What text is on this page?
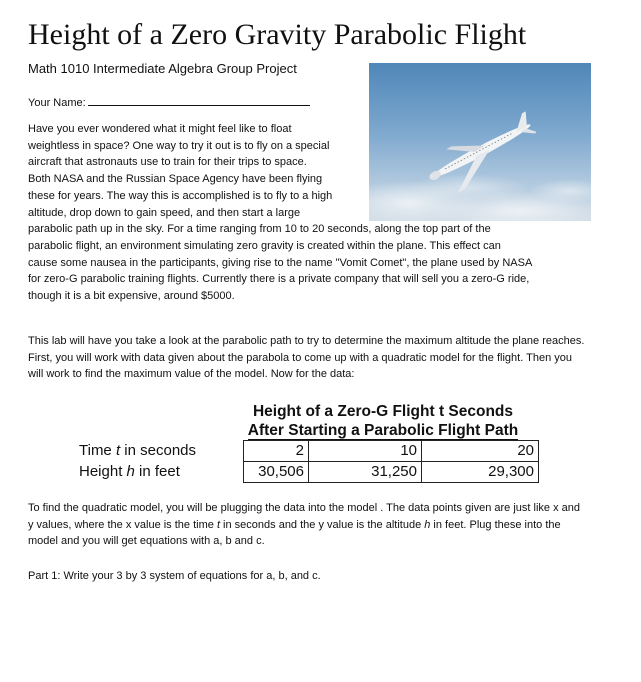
Height of a Zero Gravity Parabolic Flight
Math 1010 Intermediate Algebra Group Project
Your Name:
Have you ever wondered what it might feel like to float
weightless in space? One way to try it out is to fly on a special
aircraft that astronauts use to train for their trips to space.
Both NASA and the Russian Space Agency have been flying
these for years. The way this is accomplished is to fly to a high
altitude, drop down to gain speed, and then start a large
parabolic path up in the sky. For a time ranging from 10 to 20 seconds, along the top part of the
parabolic flight, an environment simulating zero gravity is created within the plane. This effect can
cause some nausea in the participants, giving rise to the name "Vomit Comet", the plane used by NASA
for zero-G parabolic training flights. Currently there is a private company that will sell you a zero-G ride,
though it is a bit expensive, around $5000.
This lab will have you take a look at the parabolic path to try to determine the maximum altitude the plane reaches. First, you will work with data given about the parabola to come up with a quadratic model for the flight. Then you will work to find the maximum value of the model. Now for the data:
Height of a Zero-G Flight t Seconds
After Starting a Parabolic Flight Path
Time t in seconds	2	10	20
Height h in feet	30,506	31,250	29,300
To find the quadratic model, you will be plugging the data into the model . The data points given are just like x and y values, where the x value is the time t in seconds and the y value is the altitude h in feet. Plug these into the model and you will get equations with a, b and c.
Part 1: Write your 3 by 3 system of equations for a, b, and c.
